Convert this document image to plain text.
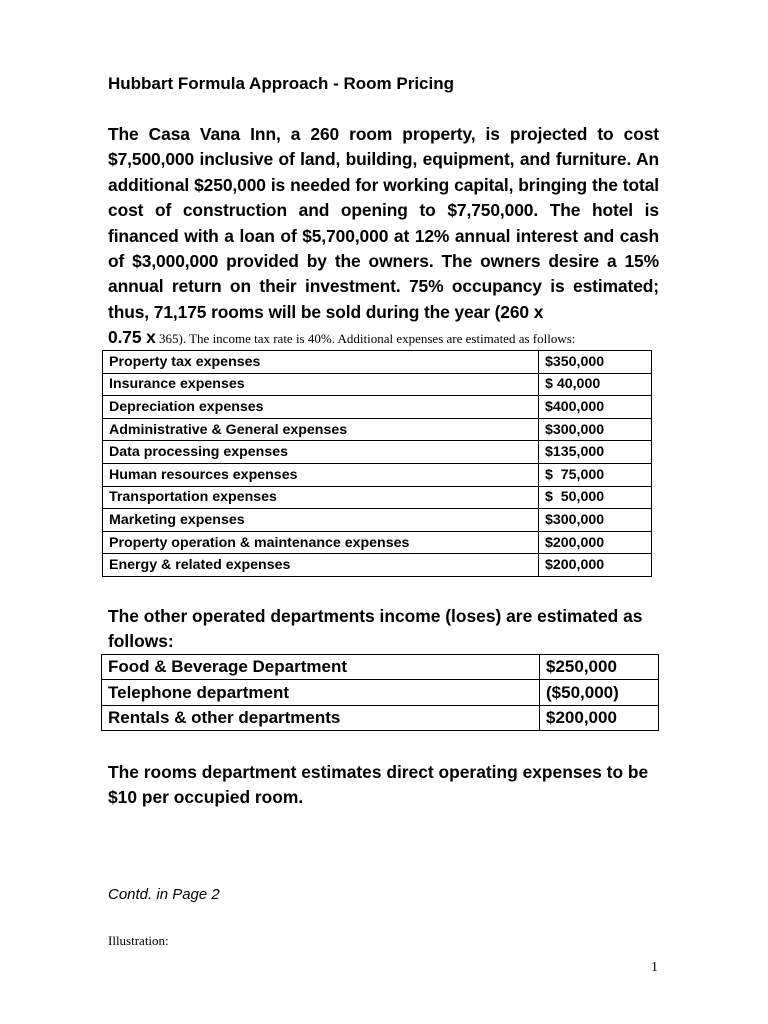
Hubbart Formula Approach - Room Pricing
The Casa Vana Inn, a 260 room property, is projected to cost $7,500,000 inclusive of land, building, equipment, and furniture. An additional $250,000 is needed for working capital, bringing the total cost of construction and opening to $7,750,000. The hotel is financed with a loan of $5,700,000 at 12% annual interest and cash of $3,000,000 provided by the owners. The owners desire a 15% annual return on their investment. 75% occupancy is estimated; thus, 71,175 rooms will be sold during the year (260 x
0.75 x 365). The income tax rate is 40%. Additional expenses are estimated as follows:
Property tax expenses	$350,000
Insurance expenses	$ 40,000
Depreciation expenses	$400,000
Administrative & General expenses	$300,000
Data processing expenses	$135,000
Human resources expenses	$  75,000
Transportation expenses	$  50,000
Marketing expenses	$300,000
Property operation & maintenance expenses	$200,000
Energy & related expenses	$200,000
The other operated departments income (loses) are estimated as follows:
Food & Beverage Department	$250,000
Telephone department	($50,000)
Rentals & other departments	$200,000
The rooms department estimates direct operating expenses to be $10 per occupied room.
Contd. in Page 2
Illustration:
1
